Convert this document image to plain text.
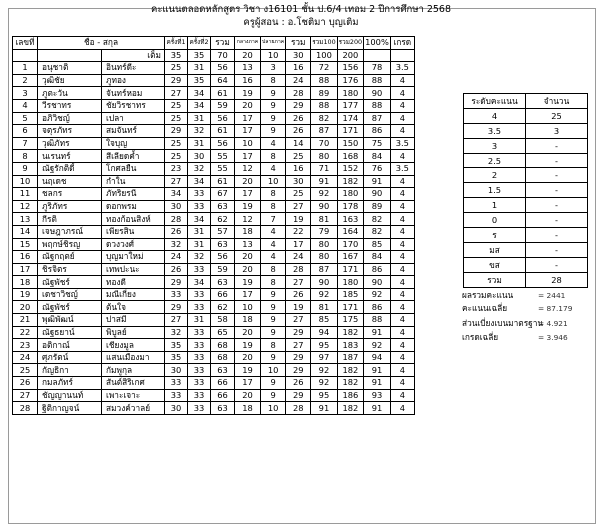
คะแนนตลอดหลักสูตร วิชา ง16101 ชั้น ป.6/4 เทอม 2 ปีการศึกษา 2568
ครูผู้สอน : อ.โชติมา บุญเติม
เลขที่	ชื่อ - สกุล		ครั้งที่1	ครั้งที่2	รวม	กลางภาค	ปลายภาค	รวม	รวม100	รวม200	100%	เกรด
		เต็ม	35	35	70	20	10	30	100	200		
1	อนุชาติ	อินทร์ดีะ	25	31	56	13	3	16	72	156	78	3.5
2	วุฒิชัย	ภูทอง	29	35	64	16	8	24	88	176	88	4
3	ภูตะวัน	จันทร์หอม	27	34	61	19	9	28	89	180	90	4
4	วีรชาทร	ชัยวิรชาทร	25	34	59	20	9	29	88	177	88	4
5	อภิวิชญ์	เปลา	25	31	56	17	9	26	82	174	87	4
6	จตุรภัทร	สมจันทร์	29	32	61	17	9	26	87	171	86	4
7	วุฒิภัทร	ใจบุญ	25	31	56	10	4	14	70	150	75	3.5
8	นเรนทร์	สีเลียดค้ำ	25	30	55	17	8	25	80	168	84	4
9	ณัฐรักติดี้	โกศลยืน	23	32	55	12	4	16	71	152	76	3.5
10	นฤเดช	กำใน	27	34	61	20	10	30	91	182	91	4
11	ชลกร	ภัทริยรนี	34	33	67	17	8	25	92	180	90	4
12	ภูริภัทร	ดอกพรม	30	33	63	19	8	27	90	178	89	4
13	กีรติ	ทองก้อนสิงห์	28	34	62	12	7	19	81	163	82	4
14	เจษฎาภรณ์	เพียรสิน	26	31	57	18	4	22	79	164	82	4
15	พฤกษ์ชิรญ	ดวงวงศ์	32	31	63	13	4	17	80	170	85	4
16	ณัฐกฤตย์	บุญมาใหม่	24	32	56	20	4	24	80	167	84	4
17	ชิรจิตร	เทพปะนะ	26	33	59	20	8	28	87	171	86	4
18	ณัฐพัชร์	ทองดี	29	34	63	19	8	27	90	180	90	4
19	เดชาวิชญ์	มณีเกี่ยง	33	33	66	17	9	26	92	185	92	4
20	ณัฐพัชร์	ต้นใจ	29	33	62	10	9	19	81	171	86	4
21	พุฒิพัฒน์	ปาสมี	27	31	58	18	9	27	85	175	88	4
22	ณัฐธยาน์	พิบูลย์	32	33	65	20	9	29	94	182	91	4
23	อติกาณ์	เชียงมูล	35	33	68	19	8	27	95	183	92	4
24	ศุภรัตน์	แสนเมืองมา	35	33	68	20	9	29	97	187	94	4
25	กัญธิกา	กัมพูกุล	30	33	63	19	10	29	92	182	91	4
26	กมลภัทร์	สันต์สิริเกศ	33	33	66	17	9	26	92	182	91	4
27	ชัญญานนท์	เพาะเจาะ	33	33	66	20	9	29	95	186	93	4
28	ฐิติกาญจน์	สมวงค์วาลย์	30	33	63	18	10	28	91	182	91	4
ระดับคะแนน	จำนวน
4	25
3.5	3
3	-
2.5	-
2	-
1.5	-
1	-
0	-
ร	-
มส	-
ขส	-
รวม	28
ผลรวมคะแนน	= 2441
คะแนนเฉลี่ย	= 87.179
ส่วนเบี่ยงเบนมาตรฐาน
= 4.921
เกรดเฉลี่ย	= 3.946
